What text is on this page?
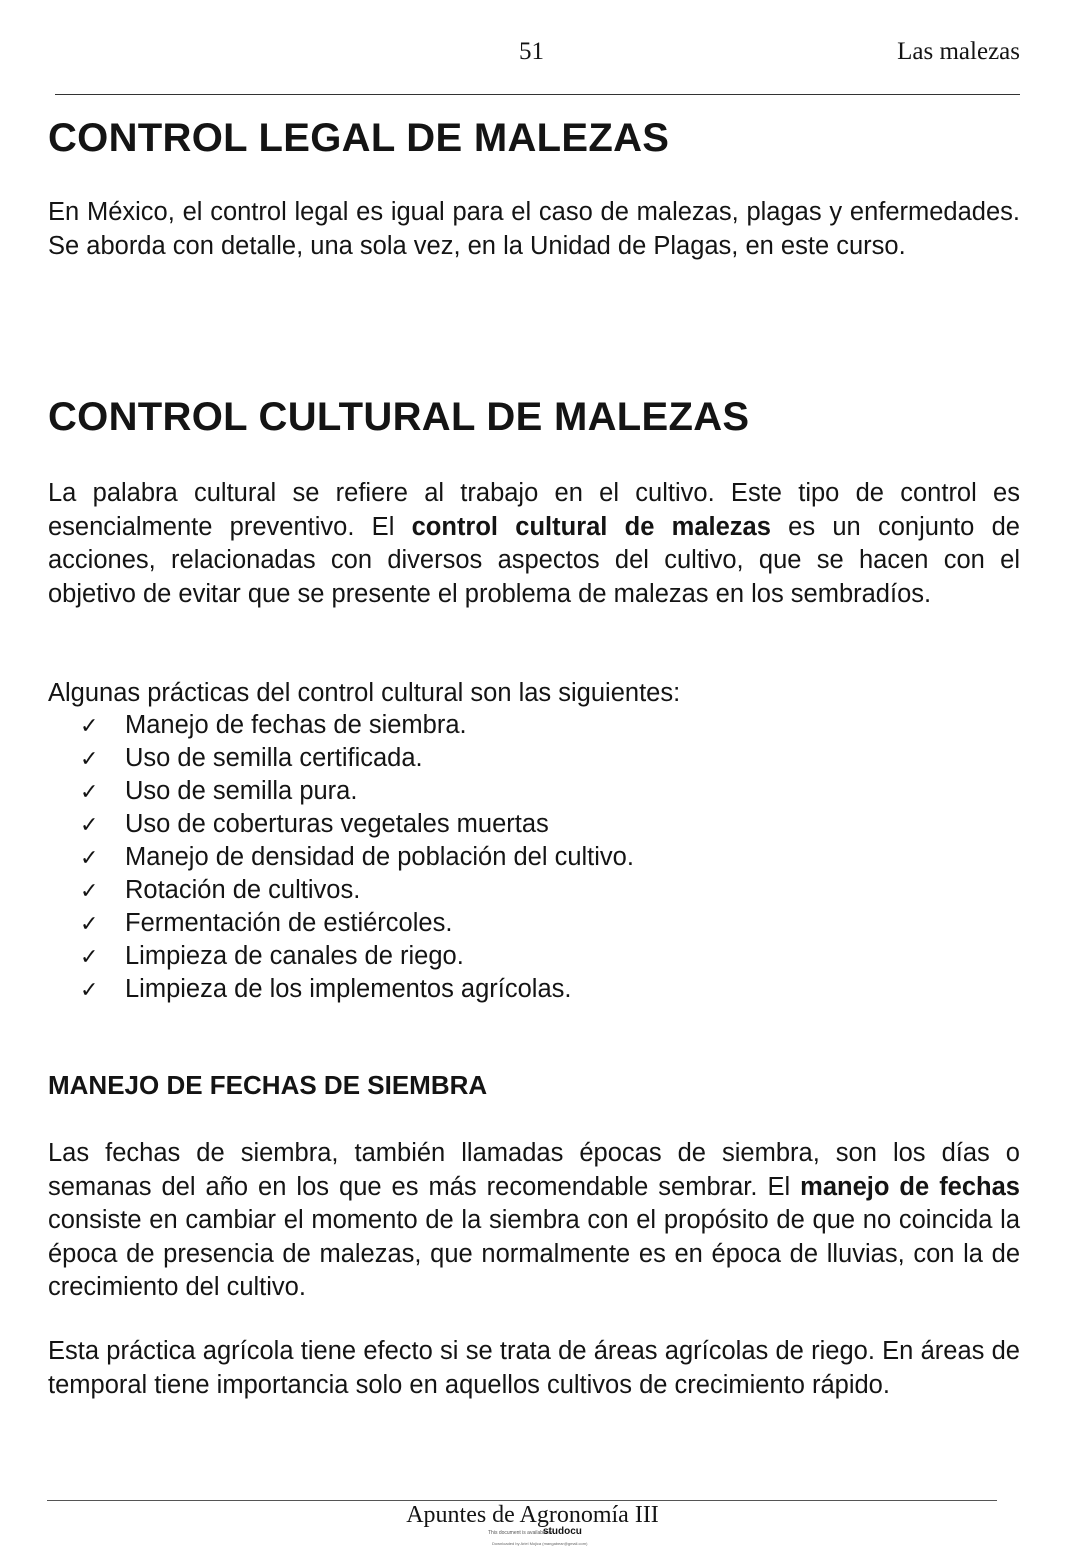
51	Las malezas
CONTROL LEGAL DE MALEZAS

En México, el control legal es igual para el caso de malezas, plagas y enfermedades. Se aborda con detalle, una sola vez, en la Unidad de Plagas, en este curso.

CONTROL CULTURAL DE MALEZAS

La palabra cultural se refiere al trabajo en el cultivo. Este tipo de control es esencialmente preventivo. El control cultural de malezas es un conjunto de acciones, relacionadas con diversos aspectos del cultivo, que se hacen con el objetivo de evitar que se presente el problema de malezas en los sembradíos.

Algunas prácticas del control cultural son las siguientes:

✓ Manejo de fechas de siembra.
✓ Uso de semilla certificada.
✓ Uso de semilla pura.
✓ Uso de coberturas vegetales muertas
✓ Manejo de densidad de población del cultivo.
✓ Rotación de cultivos.
✓ Fermentación de estiércoles.
✓ Limpieza de canales de riego.
✓ Limpieza de los implementos agrícolas.
MANEJO DE FECHAS DE SIEMBRA

Las fechas de siembra, también llamadas épocas de siembra, son los días o semanas del año en los que es más recomendable sembrar. El manejo de fechas consiste en cambiar el momento de la siembra con el propósito de que no coincida la época de presencia de malezas, que normalmente es en época de lluvias, con la de crecimiento del cultivo.

Esta práctica agrícola tiene efecto si se trata de áreas agrícolas de riego. En áreas de temporal tiene importancia solo en aquellos cultivos de crecimiento rápido.

Apuntes de Agronomía III
This document is available on
studocu
Downloaded by Ariel Mojica (mangabear@gmail.com)
